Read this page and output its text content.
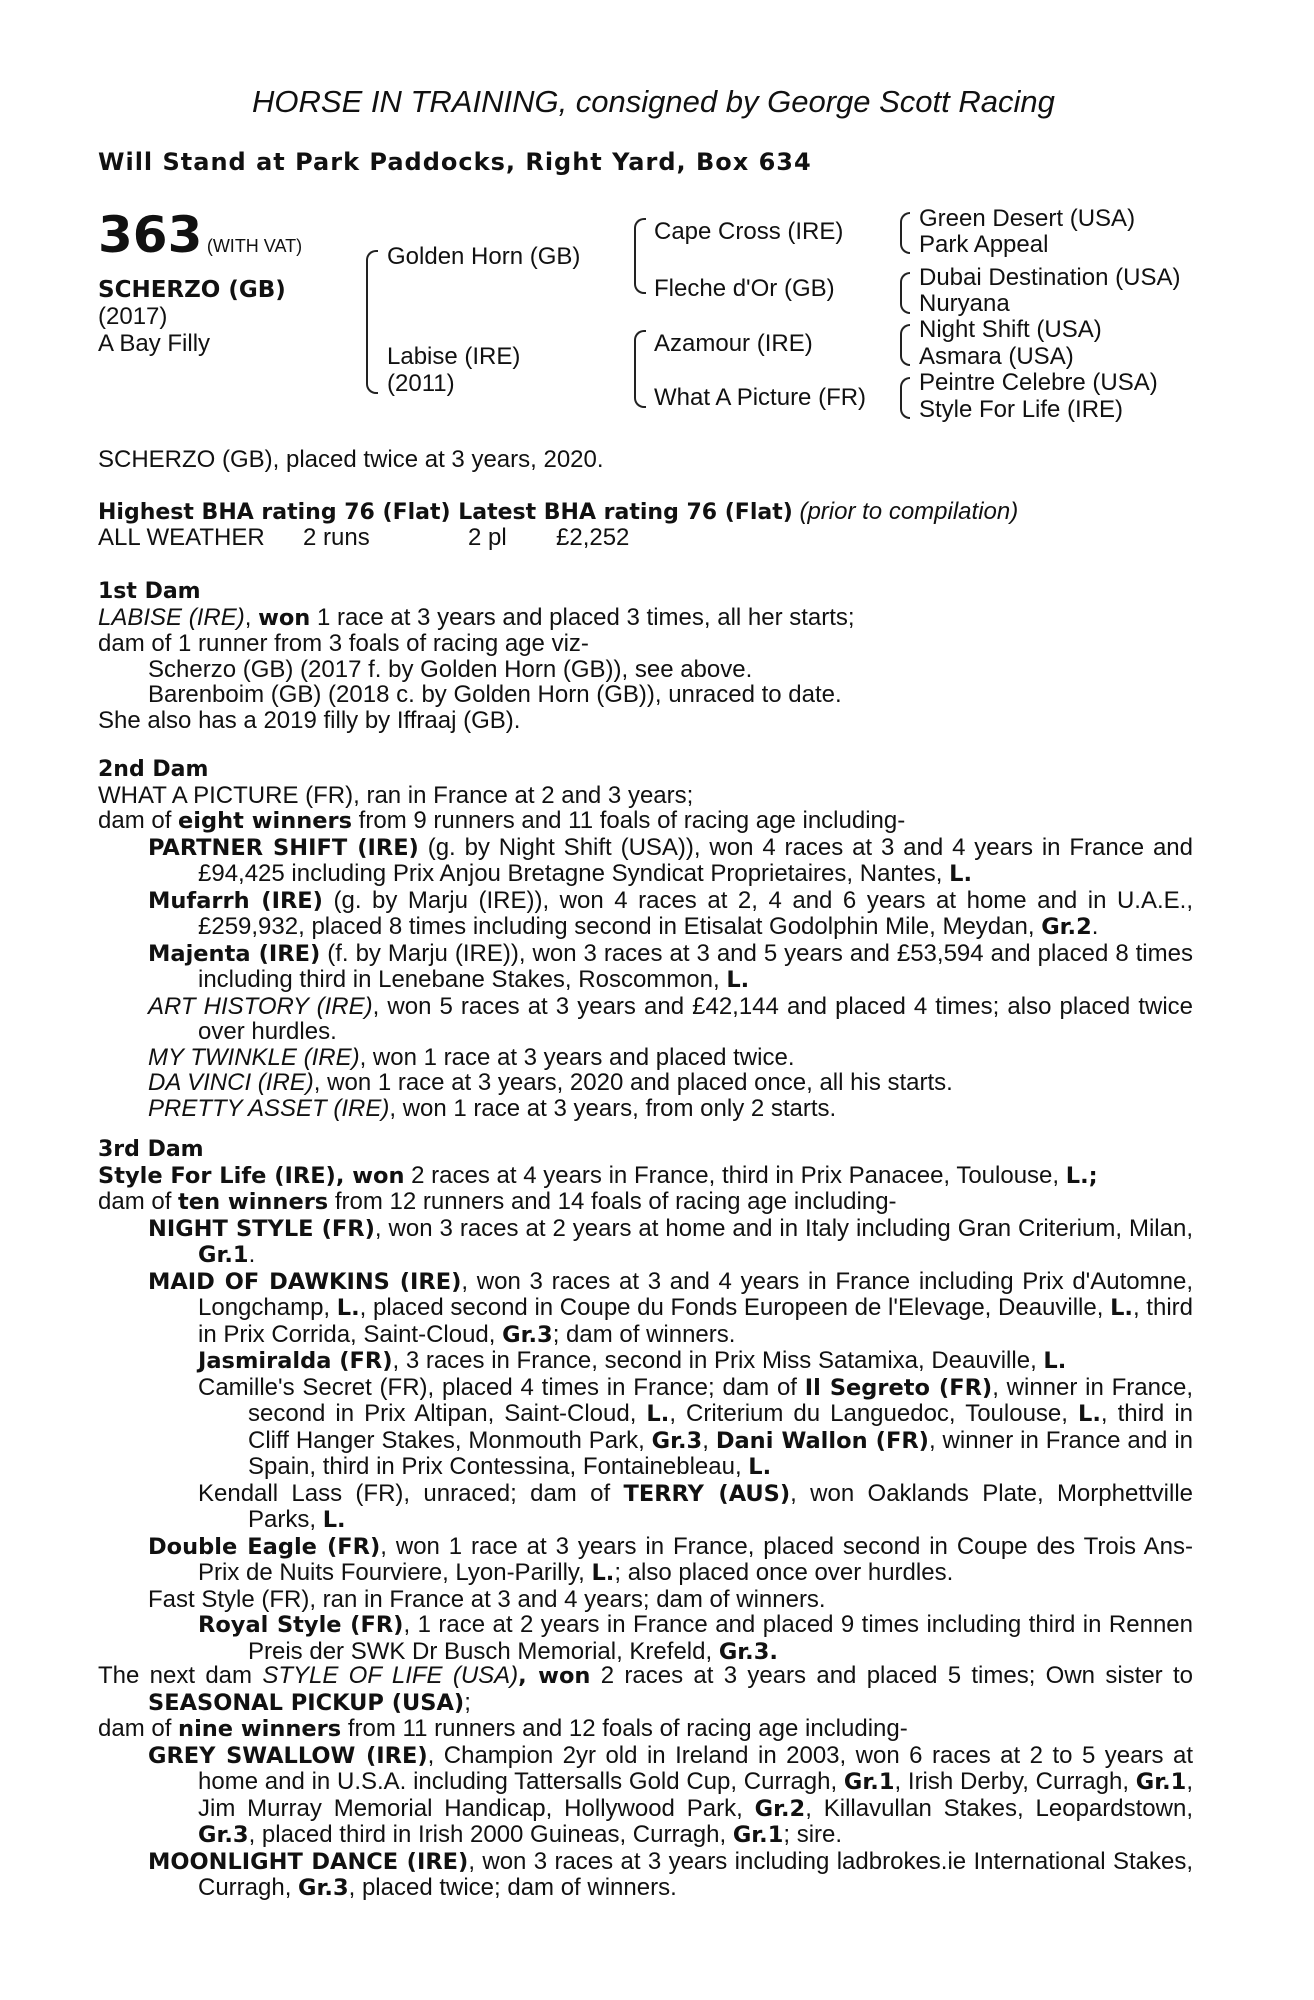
HORSE IN TRAINING, consigned by George Scott Racing
Will Stand at Park Paddocks, Right Yard, Box 634
363 (WITH VAT)
SCHERZO (GB)
(2017)
A Bay Filly
Golden Horn (GB)
Labise (IRE)
(2011)
Cape Cross (IRE)
Fleche d'Or (GB)
Azamour (IRE)
What A Picture (FR)
Green Desert (USA)
Park Appeal
Dubai Destination (USA)
Nuryana
Night Shift (USA)
Asmara (USA)
Peintre Celebre (USA)
Style For Life (IRE)
SCHERZO (GB), placed twice at 3 years, 2020.
Highest BHA rating 76 (Flat) Latest BHA rating 76 (Flat) (prior to compilation)
ALL WEATHER 2 runs	2 pl £2,252

1st Dam

LABISE (IRE), won 1 race at 3 years and placed 3 times, all her starts;

dam of 1 runner from 3 foals of racing age viz-

Scherzo (GB) (2017 f. by Golden Horn (GB)), see above.

Barenboim (GB) (2018 c. by Golden Horn (GB)), unraced to date.

She also has a 2019 filly by Iffraaj (GB).

2nd Dam

WHAT A PICTURE (FR), ran in France at 2 and 3 years;

dam of eight winners from 9 runners and 11 foals of racing age including-

PARTNER SHIFT (IRE) (g. by Night Shift (USA)), won 4 races at 3 and 4 years in France and £94,425 including Prix Anjou Bretagne Syndicat Proprietaires, Nantes, L.

Mufarrh (IRE) (g. by Marju (IRE)), won 4 races at 2, 4 and 6 years at home and in U.A.E., £259,932, placed 8 times including second in Etisalat Godolphin Mile, Meydan, Gr.2.

Majenta (IRE) (f. by Marju (IRE)), won 3 races at 3 and 5 years and £53,594 and placed 8 times including third in Lenebane Stakes, Roscommon, L.

ART HISTORY (IRE), won 5 races at 3 years and £42,144 and placed 4 times; also placed twice over hurdles.

MY TWINKLE (IRE), won 1 race at 3 years and placed twice.

DA VINCI (IRE), won 1 race at 3 years, 2020 and placed once, all his starts.

PRETTY ASSET (IRE), won 1 race at 3 years, from only 2 starts.

3rd Dam

Style For Life (IRE), won 2 races at 4 years in France, third in Prix Panacee, Toulouse, L.;

dam of ten winners from 12 runners and 14 foals of racing age including-

NIGHT STYLE (FR), won 3 races at 2 years at home and in Italy including Gran Criterium, Milan, Gr.1.

MAID OF DAWKINS (IRE), won 3 races at 3 and 4 years in France including Prix d'Automne, Longchamp, L., placed second in Coupe du Fonds Europeen de l'Elevage, Deauville, L., third in Prix Corrida, Saint-Cloud, Gr.3; dam of winners.

Jasmiralda (FR), 3 races in France, second in Prix Miss Satamixa, Deauville, L.

Camille's Secret (FR), placed 4 times in France; dam of Il Segreto (FR), winner in France, second in Prix Altipan, Saint-Cloud, L., Criterium du Languedoc, Toulouse, L., third in Cliff Hanger Stakes, Monmouth Park, Gr.3, Dani Wallon (FR), winner in France and in Spain, third in Prix Contessina, Fontainebleau, L.

Kendall Lass (FR), unraced; dam of TERRY (AUS), won Oaklands Plate, Morphettville Parks, L.

Double Eagle (FR), won 1 race at 3 years in France, placed second in Coupe des Trois Ans-Prix de Nuits Fourviere, Lyon-Parilly, L.; also placed once over hurdles.

Fast Style (FR), ran in France at 3 and 4 years; dam of winners.

Royal Style (FR), 1 race at 2 years in France and placed 9 times including third in Rennen Preis der SWK Dr Busch Memorial, Krefeld, Gr.3.

The next dam STYLE OF LIFE (USA), won 2 races at 3 years and placed 5 times; Own sister to SEASONAL PICKUP (USA);

dam of nine winners from 11 runners and 12 foals of racing age including-

GREY SWALLOW (IRE), Champion 2yr old in Ireland in 2003, won 6 races at 2 to 5 years at home and in U.S.A. including Tattersalls Gold Cup, Curragh, Gr.1, Irish Derby, Curragh, Gr.1, Jim Murray Memorial Handicap, Hollywood Park, Gr.2, Killavullan Stakes, Leopardstown, Gr.3, placed third in Irish 2000 Guineas, Curragh, Gr.1; sire.

MOONLIGHT DANCE (IRE), won 3 races at 3 years including ladbrokes.ie International Stakes, Curragh, Gr.3, placed twice; dam of winners.
